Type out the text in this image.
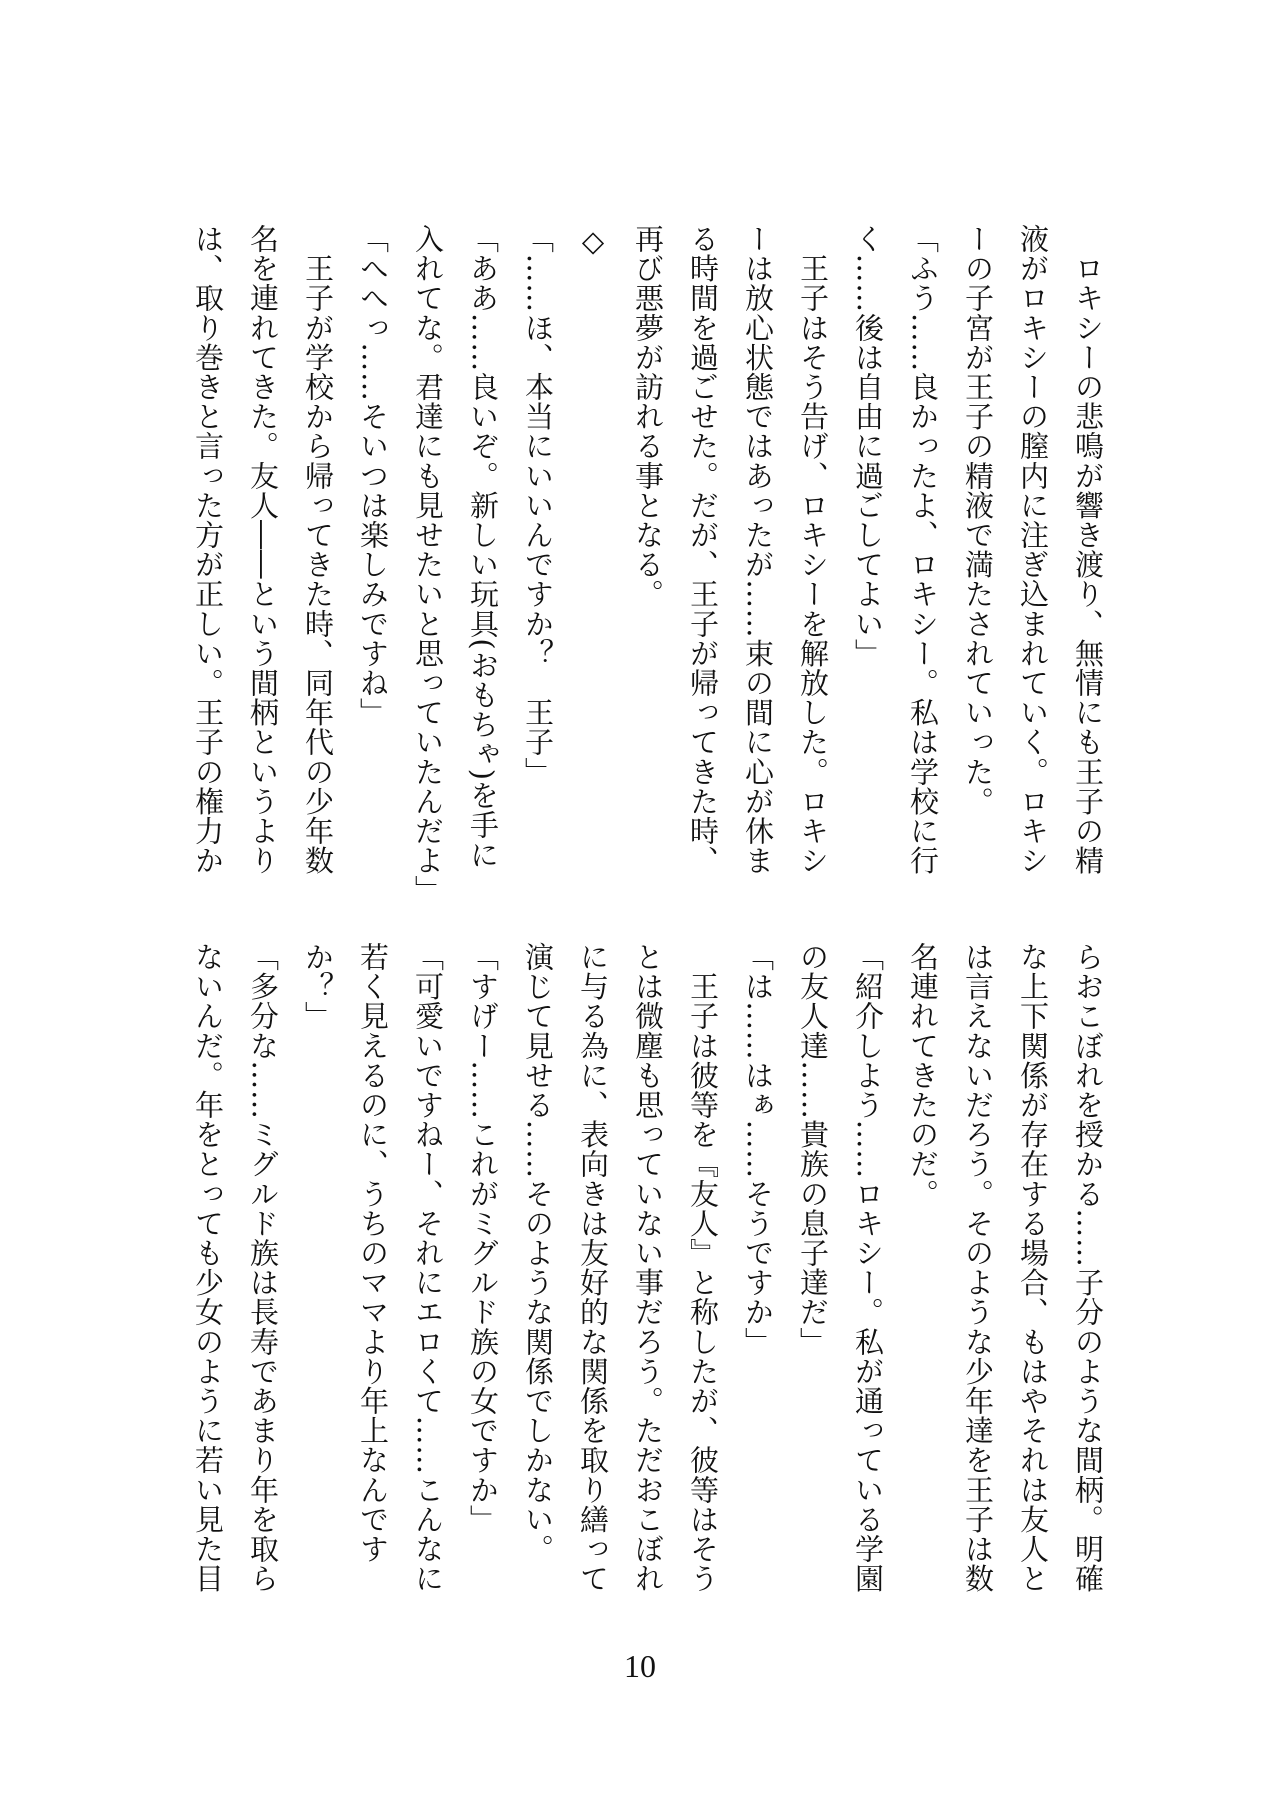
　ロキシーの悲鳴が響き渡り、無情にも王子の精
液がロキシーの膣内に注ぎ込まれていく。ロキシ
ーの子宮が王子の精液で満たされていった。
「ふう……良かったよ、ロキシー。私は学校に行
く……後は自由に過ごしてよい」
　王子はそう告げ、ロキシーを解放した。ロキシ
ーは放心状態ではあったが……束の間に心が休ま
る時間を過ごせた。だが、王子が帰ってきた時、
再び悪夢が訪れる事となる。
◇
「……ほ、本当にいいんですか？　王子」
「ああ……良いぞ。新しい玩具(おもちゃ)を手に
入れてな。君達にも見せたいと思っていたんだよ」
「へへっ……そいつは楽しみですね」
　王子が学校から帰ってきた時、同年代の少年数
名を連れてきた。友人――という間柄というより
は、取り巻きと言った方が正しい。王子の権力か
らおこぼれを授かる……子分のような間柄。明確
な上下関係が存在する場合、もはやそれは友人と
は言えないだろう。そのような少年達を王子は数
名連れてきたのだ。
「紹介しよう……ロキシー。私が通っている学園
の友人達……貴族の息子達だ」
「は……はぁ……そうですか」
　王子は彼等を『友人』と称したが、彼等はそう
とは微塵も思っていない事だろう。ただおこぼれ
に与る為に、表向きは友好的な関係を取り繕って
演じて見せる……そのような関係でしかない。
「すげー……これがミグルド族の女ですか」
「可愛いですねー、それにエロくて……こんなに
若く見えるのに、うちのママより年上なんです
か？」
「多分な……ミグルド族は長寿であまり年を取ら
ないんだ。年をとっても少女のように若い見た目
10
